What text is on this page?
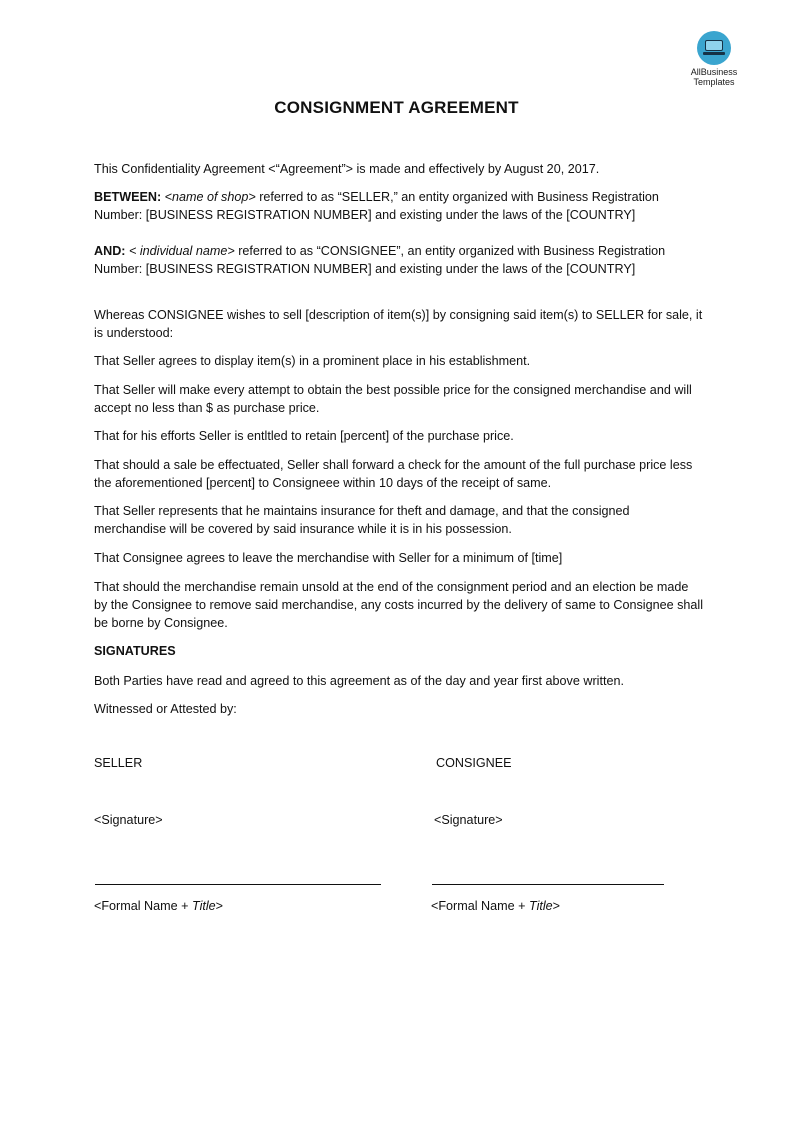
AllBusiness
Templates
CONSIGNMENT AGREEMENT

This Confidentiality Agreement <“Agreement”> is made and effectively by August 20, 2017.

BETWEEN: <name of shop> referred to as “SELLER,” an entity organized with Business Registration Number: [BUSINESS REGISTRATION NUMBER] and existing under the laws of the [COUNTRY]

AND: < individual name> referred to as “CONSIGNEE”, an entity organized with Business Registration Number: [BUSINESS REGISTRATION NUMBER] and existing under the laws of the [COUNTRY]

Whereas CONSIGNEE wishes to sell [description of item(s)] by consigning said item(s) to SELLER for sale, it is understood:

That Seller agrees to display item(s) in a prominent place in his establishment.

That Seller will make every attempt to obtain the best possible price for the consigned merchandise and will accept no less than $ as purchase price.

That for his efforts Seller is entltled to retain [percent] of the purchase price.

That should a sale be effectuated, Seller shall forward a check for the amount of the full purchase price less the aforementioned [percent] to Consigneee within 10 days of the receipt of same.

That Seller represents that he maintains insurance for theft and damage, and that the consigned merchandise will be covered by said insurance while it is in his possession.

That Consignee agrees to leave the merchandise with Seller for a minimum of [time]

That should the merchandise remain unsold at the end of the consignment period and an election be made by the Consignee to remove said merchandise, any costs incurred by the delivery of same to Consignee shall be borne by Consignee.

SIGNATURES

Both Parties have read and agreed to this agreement as of the day and year first above written.

Witnessed or Attested by:

SELLER	CONSIGNEE
<Signature>	<Signature>
<Formal Name + Title>	<Formal Name + Title>
